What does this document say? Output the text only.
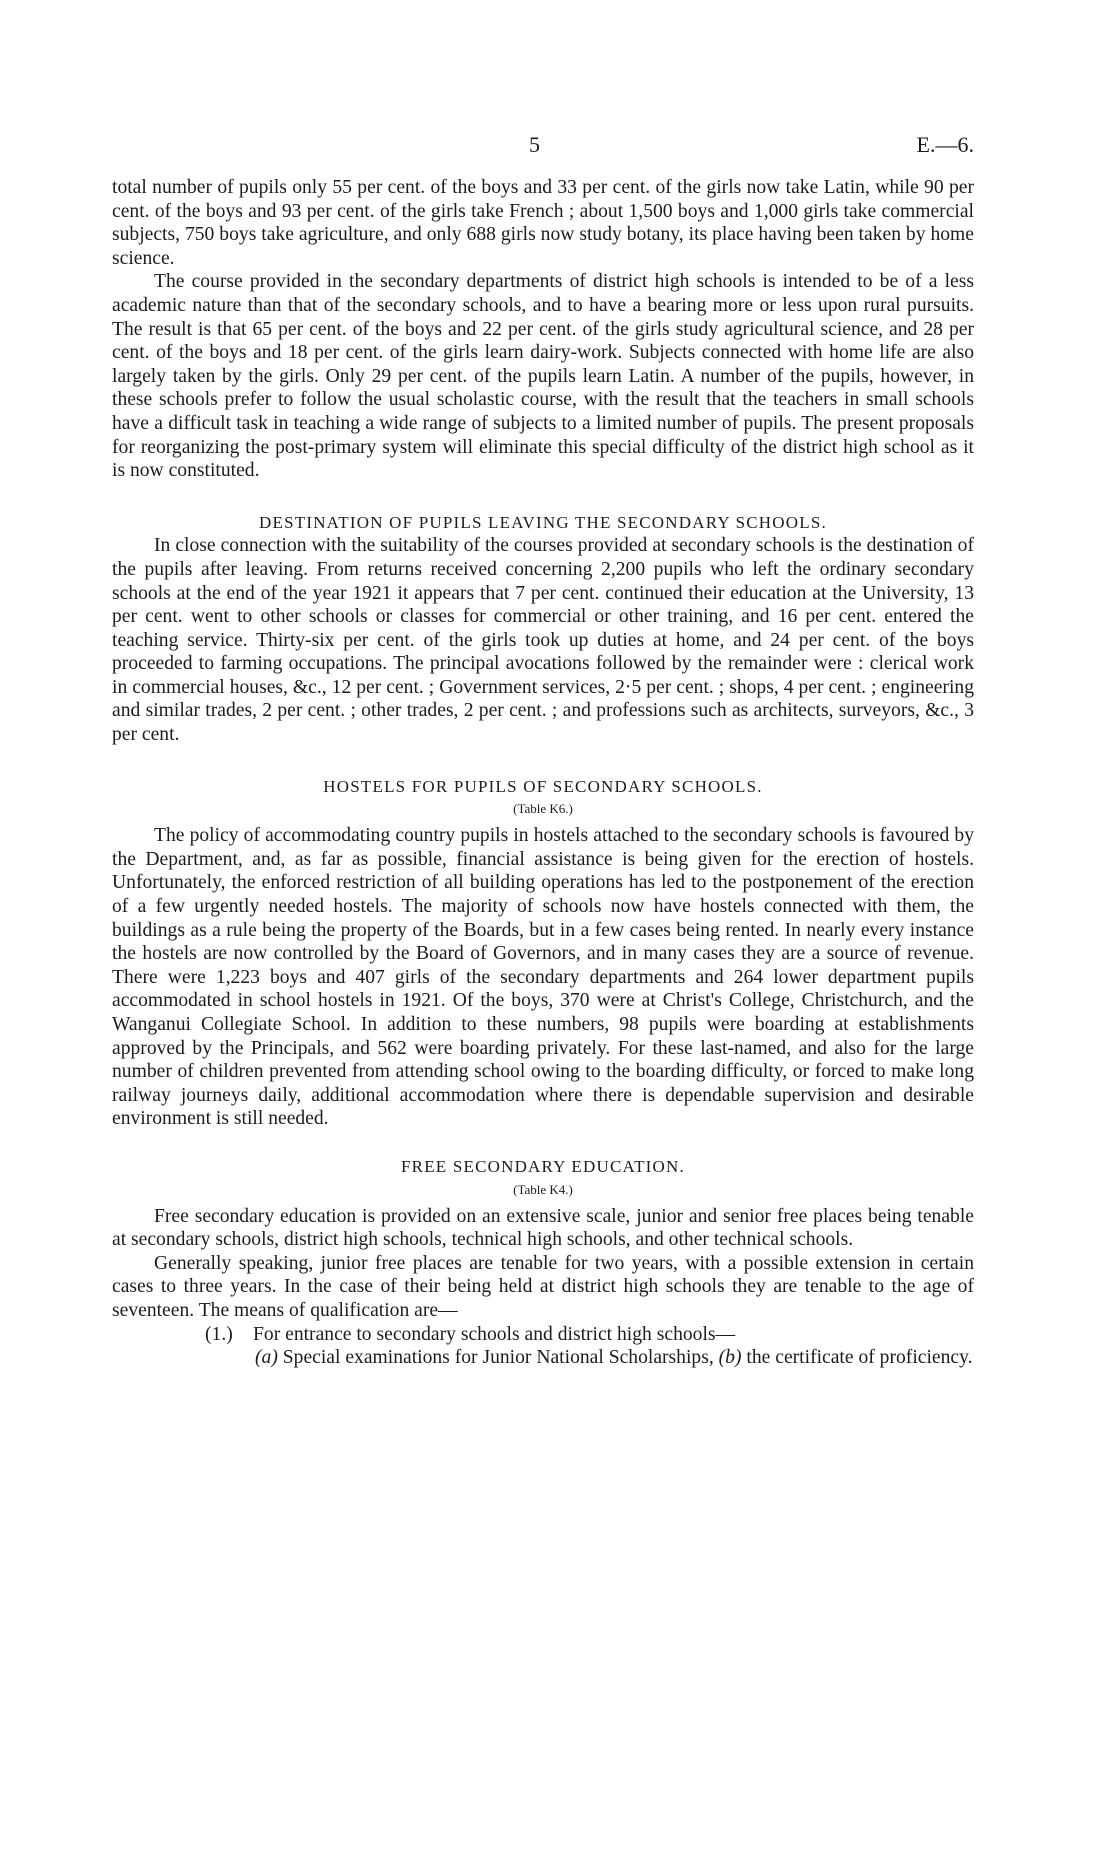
5	E.—6.

total number of pupils only 55 per cent. of the boys and 33 per cent. of the girls now take Latin, while 90 per cent. of the boys and 93 per cent. of the girls take French ; about 1,500 boys and 1,000 girls take commercial subjects, 750 boys take agriculture, and only 688 girls now study botany, its place having been taken by home science.

The course provided in the secondary departments of district high schools is intended to be of a less academic nature than that of the secondary schools, and to have a bearing more or less upon rural pursuits. The result is that 65 per cent. of the boys and 22 per cent. of the girls study agricultural science, and 28 per cent. of the boys and 18 per cent. of the girls learn dairy-work. Subjects connected with home life are also largely taken by the girls. Only 29 per cent. of the pupils learn Latin. A number of the pupils, however, in these schools prefer to follow the usual scholastic course, with the result that the teachers in small schools have a difficult task in teaching a wide range of subjects to a limited number of pupils. The present proposals for reorganizing the post-primary system will eliminate this special difficulty of the district high school as it is now constituted.

DESTINATION OF PUPILS LEAVING THE SECONDARY SCHOOLS.

In close connection with the suitability of the courses provided at secondary schools is the destination of the pupils after leaving. From returns received concerning 2,200 pupils who left the ordinary secondary schools at the end of the year 1921 it appears that 7 per cent. continued their education at the University, 13 per cent. went to other schools or classes for commercial or other training, and 16 per cent. entered the teaching service. Thirty-six per cent. of the girls took up duties at home, and 24 per cent. of the boys proceeded to farming occupations. The principal avocations followed by the remainder were : clerical work in commercial houses, &c., 12 per cent. ; Government services, 2·5 per cent. ; shops, 4 per cent. ; engineering and similar trades, 2 per cent. ; other trades, 2 per cent. ; and professions such as architects, surveyors, &c., 3 per cent.

HOSTELS FOR PUPILS OF SECONDARY SCHOOLS.
(Table K6.)

The policy of accommodating country pupils in hostels attached to the secondary schools is favoured by the Department, and, as far as possible, financial assistance is being given for the erection of hostels. Unfortunately, the enforced restriction of all building operations has led to the postponement of the erection of a few urgently needed hostels. The majority of schools now have hostels connected with them, the buildings as a rule being the property of the Boards, but in a few cases being rented. In nearly every instance the hostels are now controlled by the Board of Governors, and in many cases they are a source of revenue. There were 1,223 boys and 407 girls of the secondary departments and 264 lower department pupils accommodated in school hostels in 1921. Of the boys, 370 were at Christ's College, Christchurch, and the Wanganui Collegiate School. In addition to these numbers, 98 pupils were boarding at establishments approved by the Principals, and 562 were boarding privately. For these last-named, and also for the large number of children prevented from attending school owing to the boarding difficulty, or forced to make long railway journeys daily, additional accommodation where there is dependable supervision and desirable environment is still needed.

FREE SECONDARY EDUCATION.
(Table K4.)

Free secondary education is provided on an extensive scale, junior and senior free places being tenable at secondary schools, district high schools, technical high schools, and other technical schools.

Generally speaking, junior free places are tenable for two years, with a possible extension in certain cases to three years. In the case of their being held at district high schools they are tenable to the age of seventeen. The means of qualification are—

(1.) For entrance to secondary schools and district high schools—
(a) Special examinations for Junior National Scholarships, (b) the certificate of proficiency.
